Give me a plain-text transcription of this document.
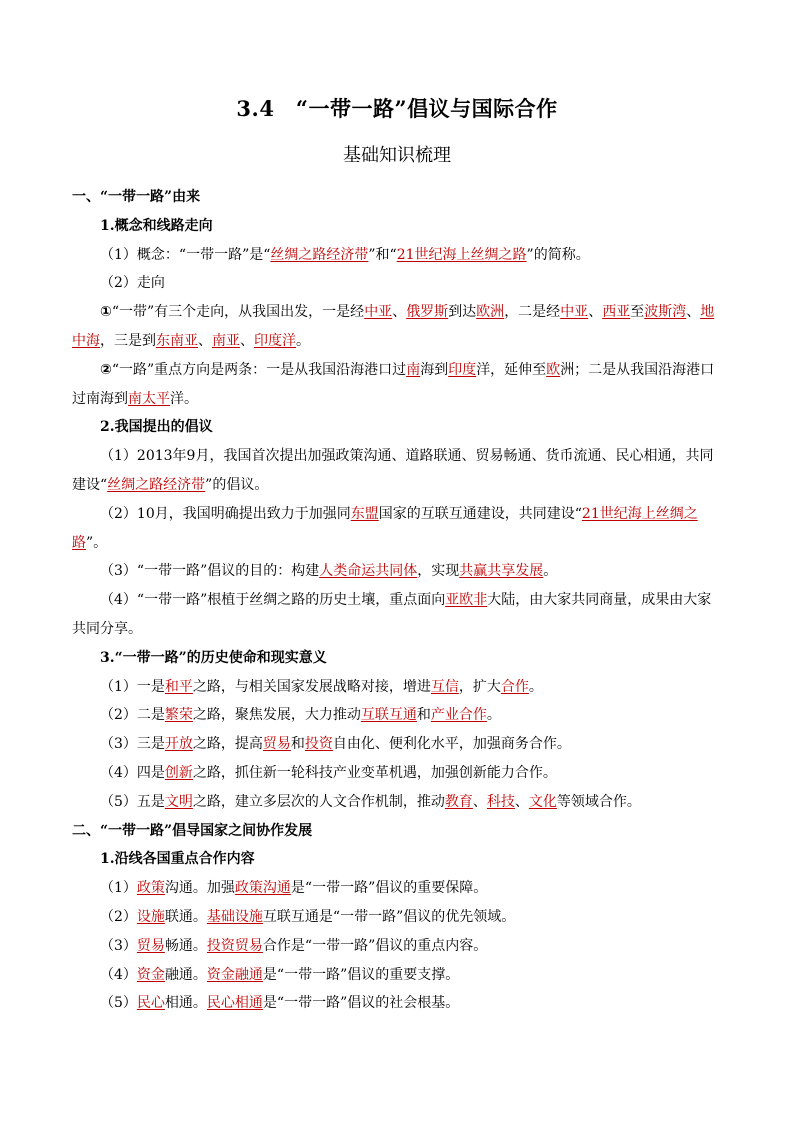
3.4　“一带一路”倡议与国际合作
基础知识梳理

一、“一带一路”由来

1.概念和线路走向

（1）概念：“一带一路”是“丝绸之路经济带”和“21世纪海上丝绸之路”的简称。

（2）走向

①“一带”有三个走向，从我国出发，一是经中亚、俄罗斯到达欧洲，二是经中亚、西亚至波斯湾、地中海，三是到东南亚、南亚、印度洋。

②“一路”重点方向是两条：一是从我国沿海港口过南海到印度洋，延伸至欧洲；二是从我国沿海港口过南海到南太平洋。

2.我国提出的倡议

（1）2013年9月，我国首次提出加强政策沟通、道路联通、贸易畅通、货币流通、民心相通，共同建设“丝绸之路经济带”的倡议。

（2）10月，我国明确提出致力于加强同东盟国家的互联互通建设，共同建设“21世纪海上丝绸之路”。

（3）“一带一路”倡议的目的：构建人类命运共同体，实现共赢共享发展。

（4）“一带一路”根植于丝绸之路的历史土壤，重点面向亚欧非大陆，由大家共同商量，成果由大家共同分享。

3.“一带一路”的历史使命和现实意义

（1）一是和平之路，与相关国家发展战略对接，增进互信，扩大合作。

（2）二是繁荣之路，聚焦发展，大力推动互联互通和产业合作。

（3）三是开放之路，提高贸易和投资自由化、便利化水平，加强商务合作。

（4）四是创新之路，抓住新一轮科技产业变革机遇，加强创新能力合作。

（5）五是文明之路，建立多层次的人文合作机制，推动教育、科技、文化等领域合作。

二、“一带一路”倡导国家之间协作发展

1.沿线各国重点合作内容

（1）政策沟通。加强政策沟通是“一带一路”倡议的重要保障。

（2）设施联通。基础设施互联互通是“一带一路”倡议的优先领域。

（3）贸易畅通。投资贸易合作是“一带一路”倡议的重点内容。

（4）资金融通。资金融通是“一带一路”倡议的重要支撑。

（5）民心相通。民心相通是“一带一路”倡议的社会根基。
